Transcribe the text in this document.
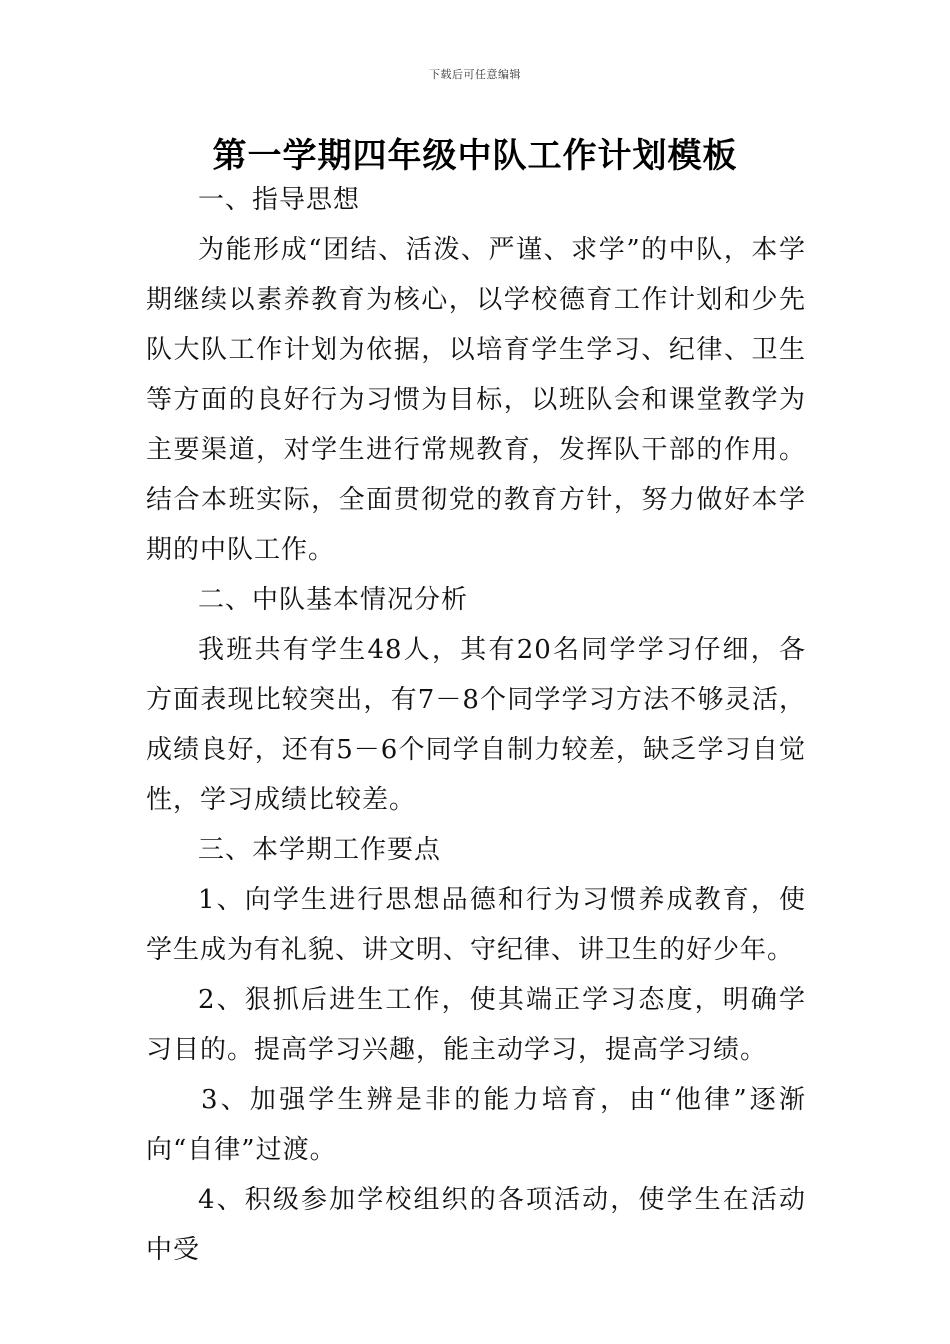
下载后可任意编辑
第一学期四年级中队工作计划模板

一、指导思想

为能形成“团结、活泼、严谨、求学”的中队，本学期继续以素养教育为核心，以学校德育工作计划和少先队大队工作计划为依据，以培育学生学习、纪律、卫生等方面的良好行为习惯为目标，以班队会和课堂教学为主要渠道，对学生进行常规教育，发挥队干部的作用。结合本班实际，全面贯彻党的教育方针，努力做好本学期的中队工作。

二、中队基本情况分析

我班共有学生48人，其有20名同学学习仔细，各方面表现比较突出，有7－8个同学学习方法不够灵活，成绩良好，还有5－6个同学自制力较差，缺乏学习自觉性，学习成绩比较差。

三、本学期工作要点

1、向学生进行思想品德和行为习惯养成教育，使学生成为有礼貌、讲文明、守纪律、讲卫生的好少年。

2、狠抓后进生工作，使其端正学习态度，明确学习目的。提高学习兴趣，能主动学习，提高学习绩。

3、加强学生辨是非的能力培育，由“他律”逐渐向“自律”过渡。

4、积级参加学校组织的各项活动，使学生在活动中受
